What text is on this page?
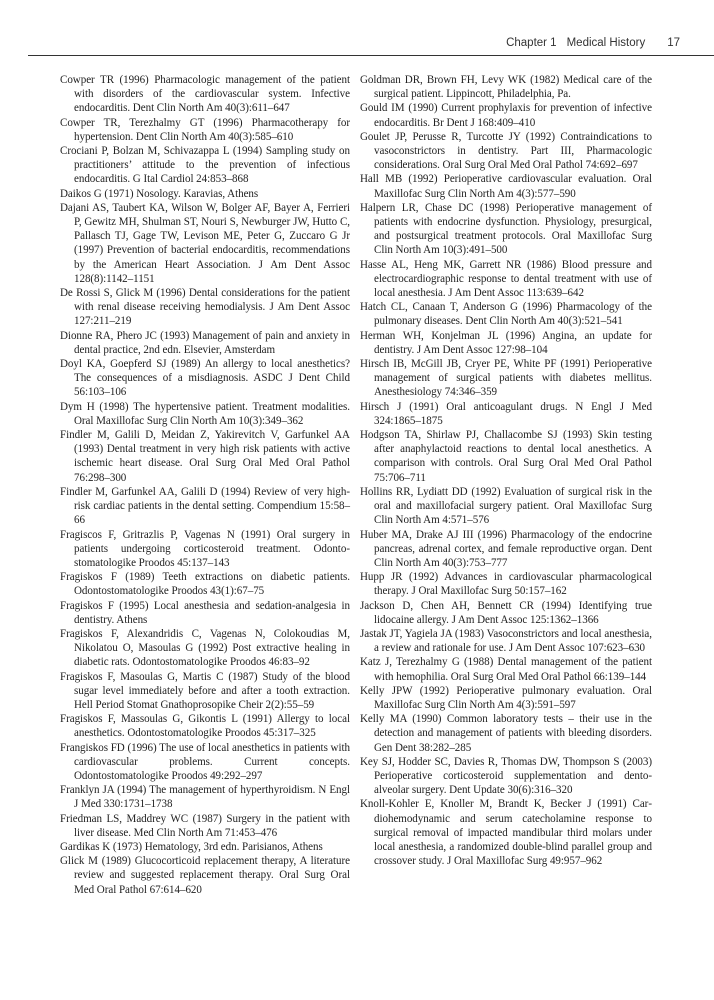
Chapter 1 Medical History 17

Cowper TR (1996) Pharmacologic management of the patient with disorders of the cardiovascular system. Infective endocarditis. Dent Clin North Am 40(3):611–647

Cowper TR, Terezhalmy GT (1996) Pharmacotherapy for hypertension. Dent Clin North Am 40(3):585–610

Crociani P, Bolzan M, Schivazappa L (1994) Sampling study on practitioners’ attitude to the prevention of infectious endocarditis. G Ital Cardiol 24:853–868

Daikos G (1971) Nosology. Karavias, Athens

Dajani AS, Taubert KA, Wilson W, Bolger AF, Bayer A, Ferrieri P, Gewitz MH, Shulman ST, Nouri S, Newburger JW, Hutto C, Pallasch TJ, Gage TW, Levison ME, Peter G, Zuccaro G Jr (1997) Prevention of bacterial endocarditis, recommendations by the American Heart Association. J Am Dent Assoc 128(8):1142–1151

De Rossi S, Glick M (1996) Dental considerations for the patient with renal disease receiving hemodialysis. J Am Dent Assoc 127:211–219

Dionne RA, Phero JC (1993) Management of pain and anxiety in dental practice, 2nd edn. Elsevier, Amsterdam

Doyl KA, Goepferd SJ (1989) An allergy to local anesthetics? The consequences of a misdiagnosis. ASDC J Dent Child 56:103–106

Dym H (1998) The hypertensive patient. Treatment modalities. Oral Maxillofac Surg Clin North Am 10(3):349–362

Findler M, Galili D, Meidan Z, Yakirevitch V, Garfunkel AA (1993) Dental treatment in very high risk patients with active ischemic heart disease. Oral Surg Oral Med Oral Pathol 76:298–300

Findler M, Garfunkel AA, Galili D (1994) Review of very high-risk cardiac patients in the dental setting. Compendium 15:58–66

Fragiscos F, Gritrazlis P, Vagenas N (1991) Oral surgery in patients undergoing corticosteroid treatment. Odontostomatologike Proodos 45:137–143

Fragiskos F (1989) Teeth extractions on diabetic patients. Odontostomatologike Proodos 43(1):67–75

Fragiskos F (1995) Local anesthesia and sedation-analgesia in dentistry. Athens

Fragiskos F, Alexandridis C, Vagenas N, Colokoudias M, Nikolatou O, Masoulas G (1992) Post extractive healing in diabetic rats. Odontostomatologike Proodos 46:83–92

Fragiskos F, Masoulas G, Martis C (1987) Study of the blood sugar level immediately before and after a tooth extraction. Hell Period Stomat Gnathoprosopike Cheir 2(2):55–59

Fragiskos F, Massoulas G, Gikontis L (1991) Allergy to local anesthetics. Odontostomatologike Proodos 45:317–325

Frangiskos FD (1996) The use of local anesthetics in patients with cardiovascular problems. Current concepts. Odontostomatologike Proodos 49:292–297

Franklyn JA (1994) The management of hyperthyroidism. N Engl J Med 330:1731–1738

Friedman LS, Maddrey WC (1987) Surgery in the patient with liver disease. Med Clin North Am 71:453–476

Gardikas K (1973) Hematology, 3rd edn. Parisianos, Athens

Glick M (1989) Glucocorticoid replacement therapy, A literature review and suggested replacement therapy. Oral Surg Oral Med Oral Pathol 67:614–620

Goldman DR, Brown FH, Levy WK (1982) Medical care of the surgical patient. Lippincott, Philadelphia, Pa.

Gould IM (1990) Current prophylaxis for prevention of infective endocarditis. Br Dent J 168:409–410

Goulet JP, Perusse R, Turcotte JY (1992) Contraindications to vasoconstrictors in dentistry. Part III, Pharmacologic considerations. Oral Surg Oral Med Oral Pathol 74:692–697

Hall MB (1992) Perioperative cardiovascular evaluation. Oral Maxillofac Surg Clin North Am 4(3):577–590

Halpern LR, Chase DC (1998) Perioperative management of patients with endocrine dysfunction. Physiology, presurgical, and postsurgical treatment protocols. Oral Maxillofac Surg Clin North Am 10(3):491–500

Hasse AL, Heng MK, Garrett NR (1986) Blood pressure and electrocardiographic response to dental treatment with use of local anesthesia. J Am Dent Assoc 113:639–642

Hatch CL, Canaan T, Anderson G (1996) Pharmacology of the pulmonary diseases. Dent Clin North Am 40(3):521–541

Herman WH, Konjelman JL (1996) Angina, an update for dentistry. J Am Dent Assoc 127:98–104

Hirsch IB, McGill JB, Cryer PE, White PF (1991) Perioperative management of surgical patients with diabetes mellitus. Anesthesiology 74:346–359

Hirsch J (1991) Oral anticoagulant drugs. N Engl J Med 324:1865–1875

Hodgson TA, Shirlaw PJ, Challacombe SJ (1993) Skin testing after anaphylactoid reactions to dental local anesthetics. A comparison with controls. Oral Surg Oral Med Oral Pathol 75:706–711

Hollins RR, Lydiatt DD (1992) Evaluation of surgical risk in the oral and maxillofacial surgery patient. Oral Maxillofac Surg Clin North Am 4:571–576

Huber MA, Drake AJ III (1996) Pharmacology of the endocrine pancreas, adrenal cortex, and female reproductive organ. Dent Clin North Am 40(3):753–777

Hupp JR (1992) Advances in cardiovascular pharmacological therapy. J Oral Maxillofac Surg 50:157–162

Jackson D, Chen AH, Bennett CR (1994) Identifying true lidocaine allergy. J Am Dent Assoc 125:1362–1366

Jastak JT, Yagiela JA (1983) Vasoconstrictors and local anesthesia, a review and rationale for use. J Am Dent Assoc 107:623–630

Katz J, Terezhalmy G (1988) Dental management of the patient with hemophilia. Oral Surg Oral Med Oral Pathol 66:139–144

Kelly JPW (1992) Perioperative pulmonary evaluation. Oral Maxillofac Surg Clin North Am 4(3):591–597

Kelly MA (1990) Common laboratory tests – their use in the detection and management of patients with bleeding disorders. Gen Dent 38:282–285

Key SJ, Hodder SC, Davies R, Thomas DW, Thompson S (2003) Perioperative corticosteroid supplementation and dento-alveolar surgery. Dent Update 30(6):316–320

Knoll-Kohler E, Knoller M, Brandt K, Becker J (1991) Cardiohemodynamic and serum catecholamine response to surgical removal of impacted mandibular third molars under local anesthesia, a randomized double-blind parallel group and crossover study. J Oral Maxillofac Surg 49:957–962
